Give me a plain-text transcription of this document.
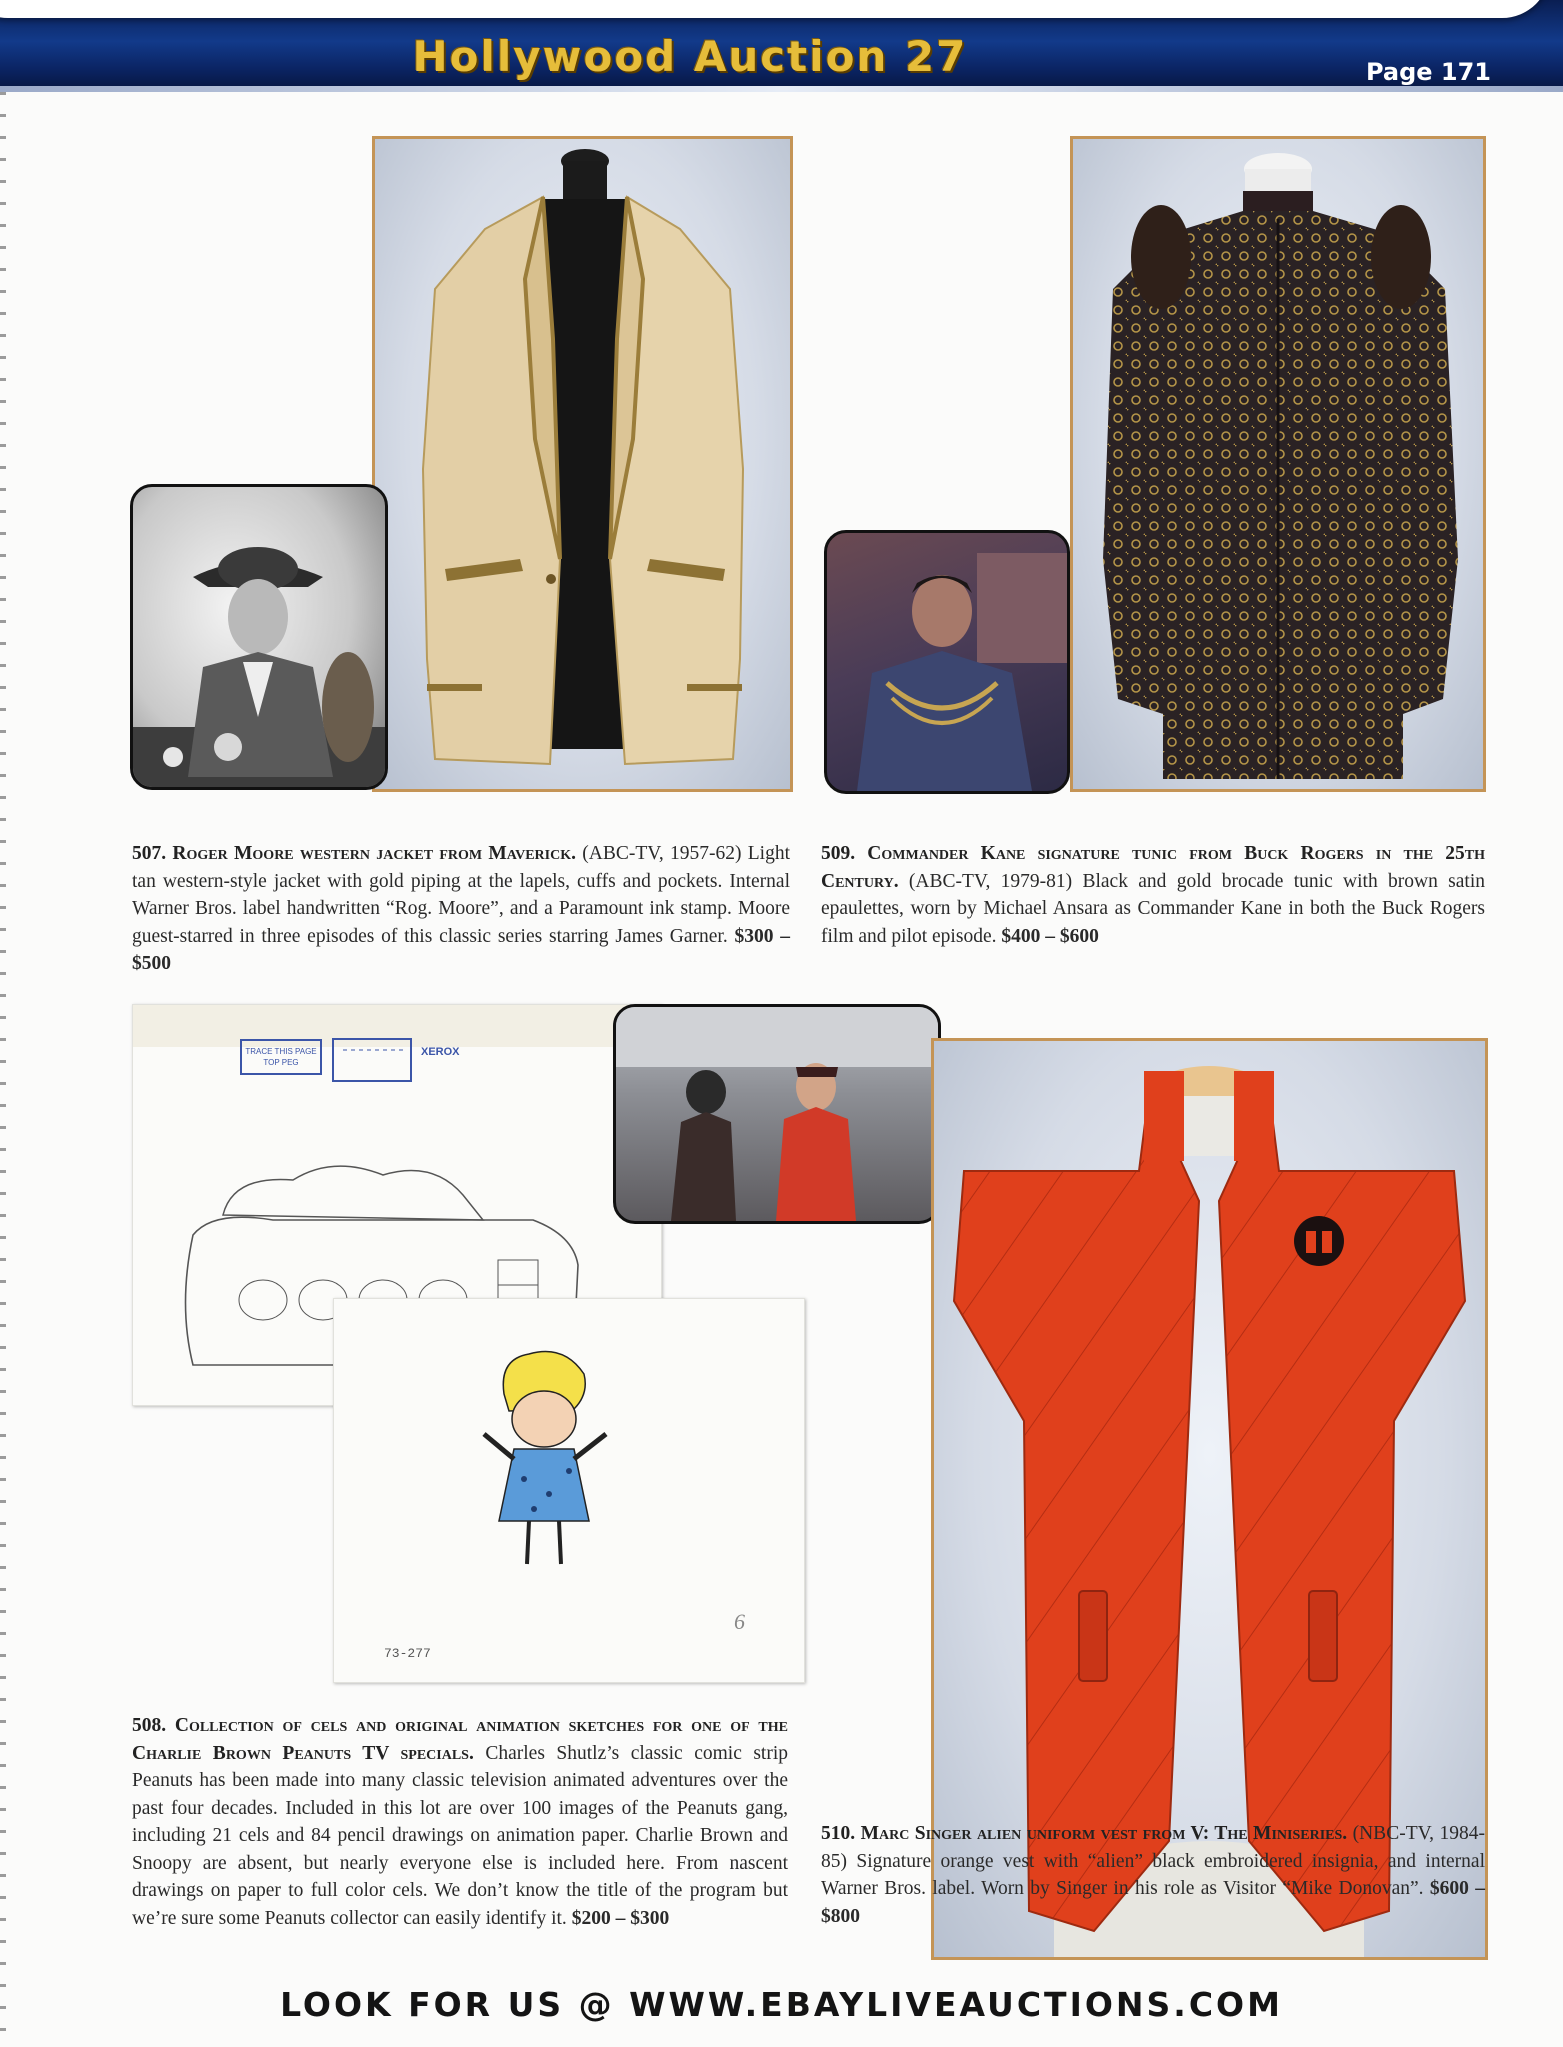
Hollywood Auction 27	Page 171
507. Roger Moore western jacket from Maverick. (ABC-TV, 1957-62) Light tan western-style jacket with gold piping at the lapels, cuffs and pockets. Internal Warner Bros. label handwritten “Rog. Moore”, and a Paramount ink stamp. Moore guest-starred in three episodes of this classic series starring James Garner. $300 – $500
509. Commander Kane signature tunic from Buck Rogers in the 25th Century. (ABC-TV, 1979-81) Black and gold brocade tunic with brown satin epaulettes, worn by Michael Ansara as Commander Kane in both the Buck Rogers film and pilot episode. $400 – $600
TRACE THIS PAGE
TOP PEG
XEROX
73-277
6
508. Collection of cels and original animation sketches for one of the Charlie Brown Peanuts TV specials. Charles Shutlz’s classic comic strip Peanuts has been made into many classic television animated adventures over the past four decades. Included in this lot are over 100 images of the Peanuts gang, including 21 cels and 84 pencil drawings on animation paper. Charlie Brown and Snoopy are absent, but nearly everyone else is included here. From nascent drawings on paper to full color cels. We don’t know the title of the program but we’re sure some Peanuts collector can easily identify it. $200 – $300
510. Marc Singer alien uniform vest from V: The Miniseries. (NBC-TV, 1984-85) Signature orange vest with “alien” black embroidered insignia, and internal Warner Bros. label. Worn by Singer in his role as Visitor “Mike Donovan”. $600 – $800
LOOK FOR US @ WWW.EBAYLIVEAUCTIONS.COM
